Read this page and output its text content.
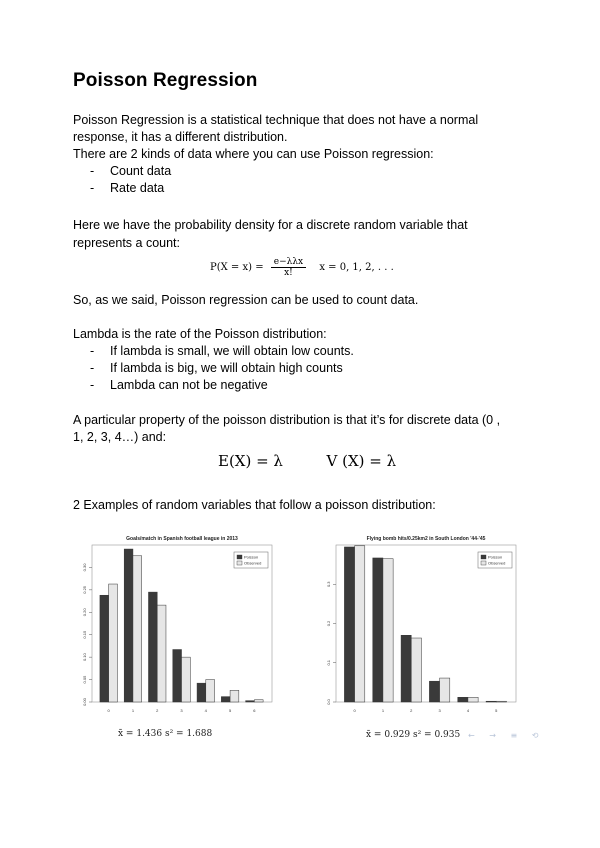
Poisson Regression

Poisson Regression is a statistical technique that does not have a normal

response, it has a different distribution.

There are 2 kinds of data where you can use Poisson regression:

- Count data
- Rate data

Here we have the probability density for a discrete random variable that

represents a count:

$P(X = x) = \frac{\text{e−λλx}}{x!}$ x = 0, 1, 2, . . .

So, as we said, Poisson regression can be used to count data.

Lambda is the rate of the Poisson distribution:

- If lambda is small, we will obtain low counts.
- If lambda is big, we will obtain high counts
- Lambda can not be negative

A particular property of the poisson distribution is that it’s for discrete data (0 ,

1, 2, 3, 4…) and:

E(X) = λ	V (X) = λ

2 Examples of random variables that follow a poisson distribution:

Goals/match in Spanish football league in 2013
0.00
0.05
0.10
0.15
0.20
0.25
0.30
0	1	2	3	4	5	6
Poisson
Observed
Flying bomb hits/0.25km2 in South London '44-'45
0.0
0.1
0.2
0.3
0	1	2	3	4	5
Poisson
Observed
x̄ = 1.436 s² = 1.688	x̄ = 0.929 s² = 0.935 ← → ≡ ⟲
